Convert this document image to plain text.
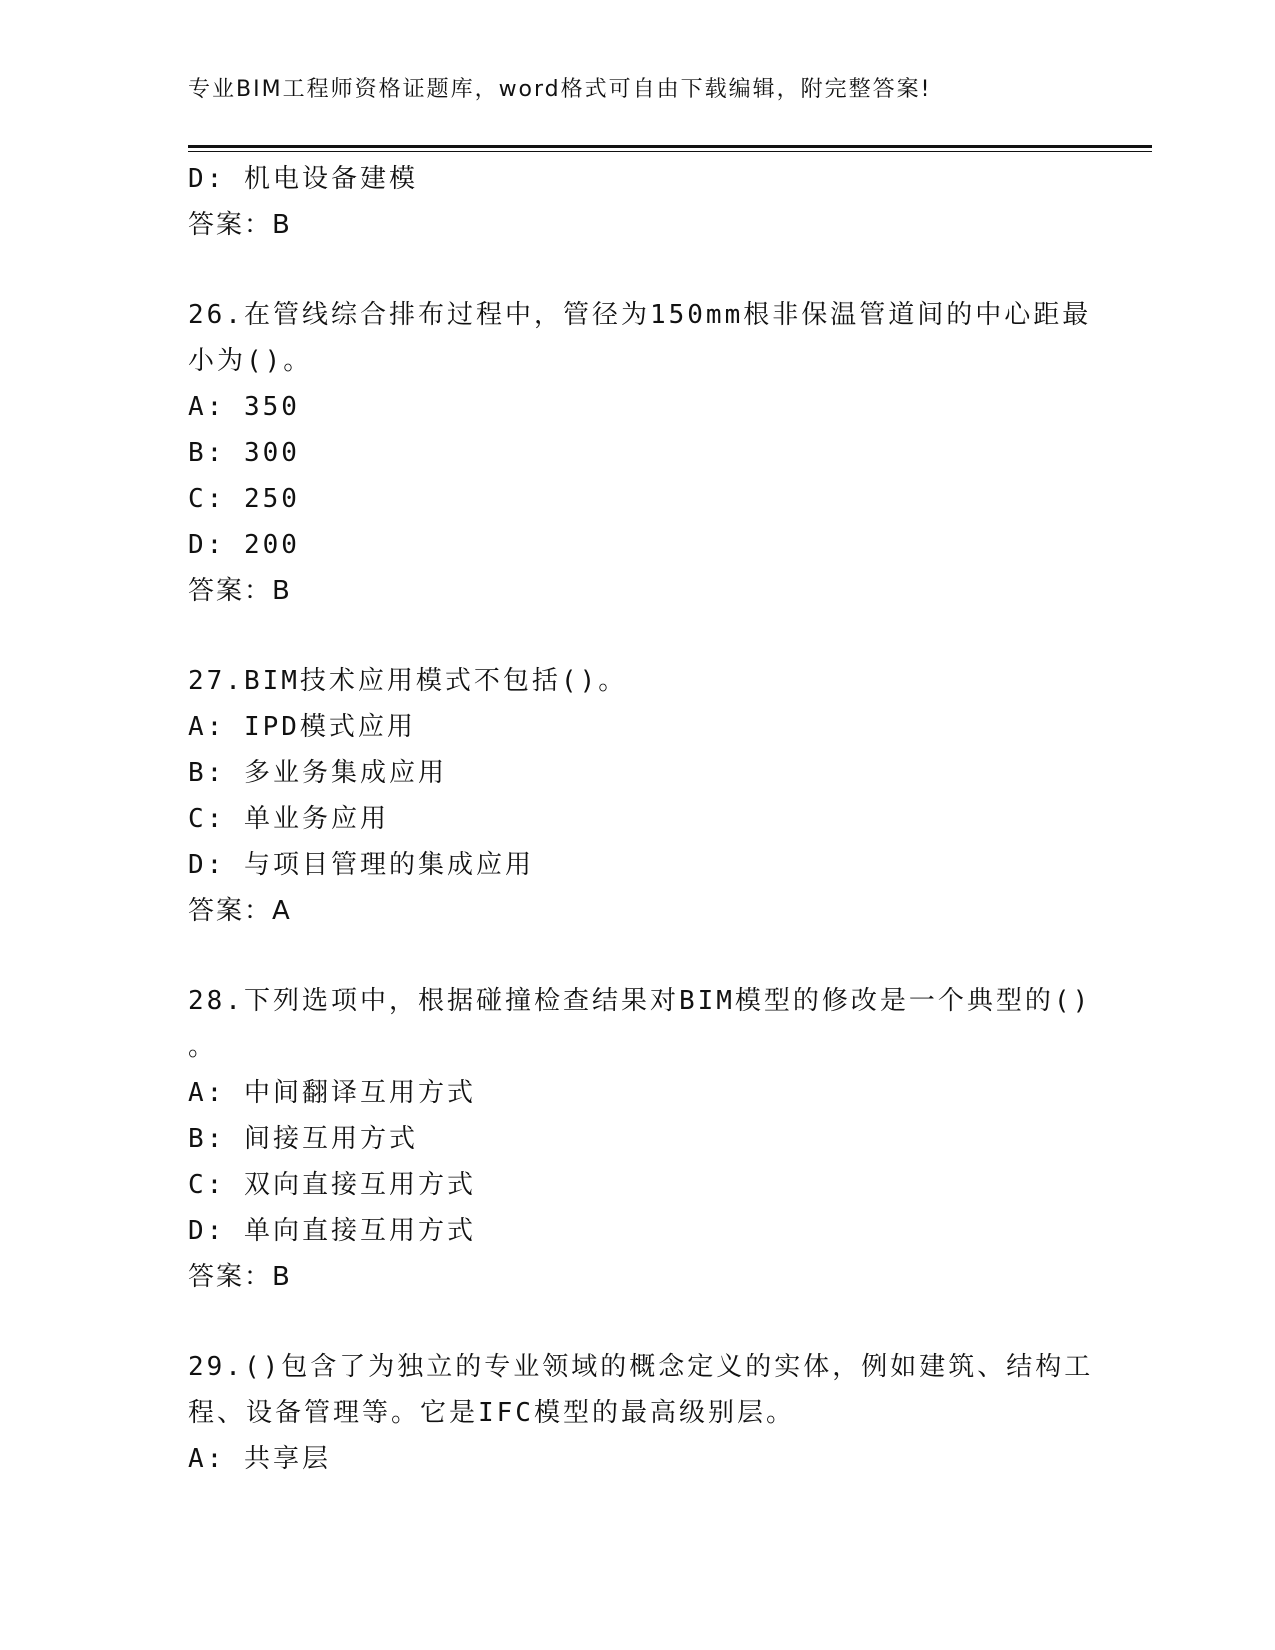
专业BIM工程师资格证题库，word格式可自由下载编辑，附完整答案!
D: 机电设备建模
答案：B
26.在管线综合排布过程中，管径为150mm根非保温管道间的中心距最
小为()。
A: 350
B: 300
C: 250
D: 200
答案：B
27.BIM技术应用模式不包括()。
A: IPD模式应用
B: 多业务集成应用
C: 单业务应用
D: 与项目管理的集成应用
答案：A
28.下列选项中，根据碰撞检查结果对BIM模型的修改是一个典型的()
。
A: 中间翻译互用方式
B: 间接互用方式
C: 双向直接互用方式
D: 单向直接互用方式
答案：B
29.()包含了为独立的专业领域的概念定义的实体，例如建筑、结构工
程、设备管理等。它是IFC模型的最高级别层。
A: 共享层
